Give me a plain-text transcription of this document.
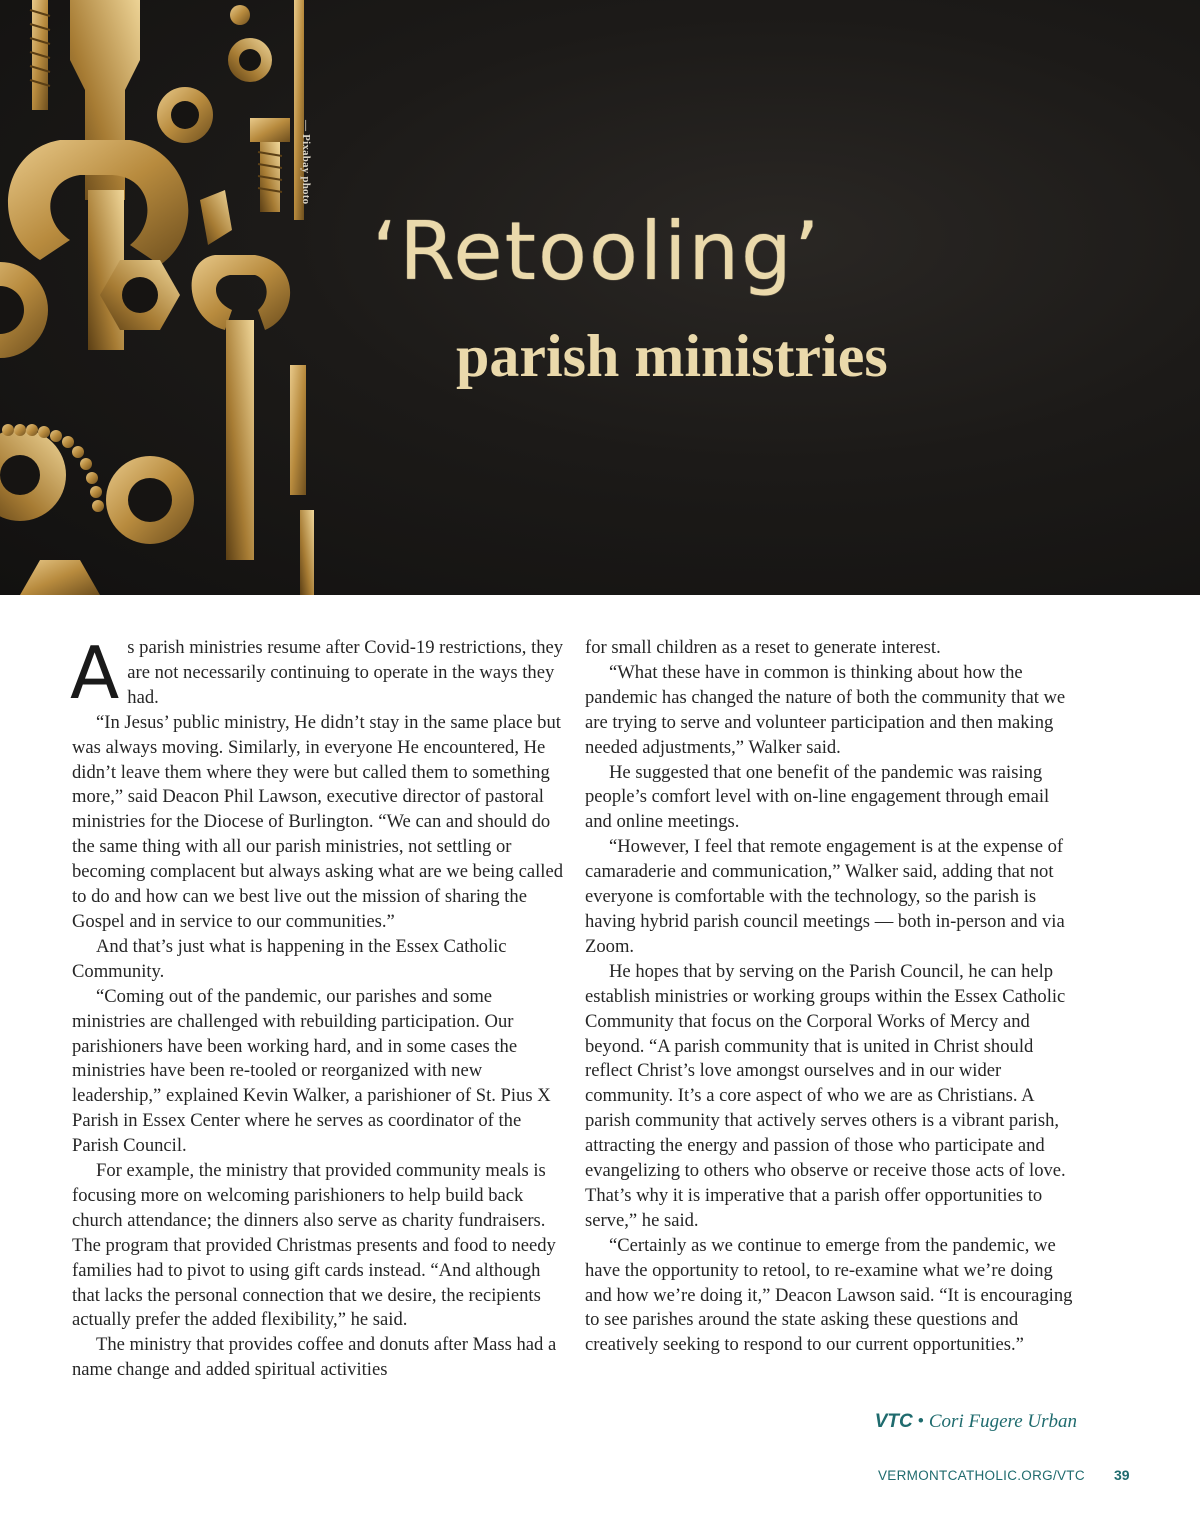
— Pixabay photo
‘Retooling’
parish ministries

As parish ministries resume after Covid-19 restrictions, they are not necessarily continuing to operate in the ways they had.

“In Jesus’ public ministry, He didn’t stay in the same place but was always moving. Similarly, in everyone He encountered, He didn’t leave them where they were but called them to something more,” said Deacon Phil Lawson, executive director of pastoral ministries for the Diocese of Burlington. “We can and should do the same thing with all our parish ministries, not settling or becoming complacent but always asking what are we being called to do and how can we best live out the mission of sharing the Gospel and in service to our communities.”

And that’s just what is happening in the Essex Catholic Community.

“Coming out of the pandemic, our parishes and some ministries are challenged with rebuilding participation. Our parishioners have been working hard, and in some cases the ministries have been re-tooled or reorganized with new leadership,” explained Kevin Walker, a parishioner of St. Pius X Parish in Essex Center where he serves as coordinator of the Parish Council.

For example, the ministry that provided community meals is focusing more on welcoming parishioners to help build back church attendance; the dinners also serve as charity fundraisers. The program that provided Christmas presents and food to needy families had to pivot to using gift cards instead. “And although that lacks the personal connection that we desire, the recipients actually prefer the added flexibility,” he said.

The ministry that provides coffee and donuts after Mass had a name change and added spiritual activities

for small children as a reset to generate interest.

“What these have in common is thinking about how the pandemic has changed the nature of both the community that we are trying to serve and volunteer participation and then making needed adjustments,” Walker said.

He suggested that one benefit of the pandemic was raising people’s comfort level with on-line engagement through email and online meetings.

“However, I feel that remote engagement is at the expense of camaraderie and communication,” Walker said, adding that not everyone is comfortable with the technology, so the parish is having hybrid parish council meetings — both in-person and via Zoom.

He hopes that by serving on the Parish Council, he can help establish ministries or working groups within the Essex Catholic Community that focus on the Corporal Works of Mercy and beyond. “A parish community that is united in Christ should reflect Christ’s love amongst ourselves and in our wider community. It’s a core aspect of who we are as Christians. A parish community that actively serves others is a vibrant parish, attracting the energy and passion of those who participate and evangelizing to others who observe or receive those acts of love. That’s why it is imperative that a parish offer opportunities to serve,” he said.

“Certainly as we continue to emerge from the pandemic, we have the opportunity to retool, to re-examine what we’re doing and how we’re doing it,” Deacon Lawson said. “It is encouraging to see parishes around the state asking these questions and creatively seeking to respond to our current opportunities.”

VTC • Cori Fugere Urban
VERMONTCATHOLIC.ORG/VTC 39
